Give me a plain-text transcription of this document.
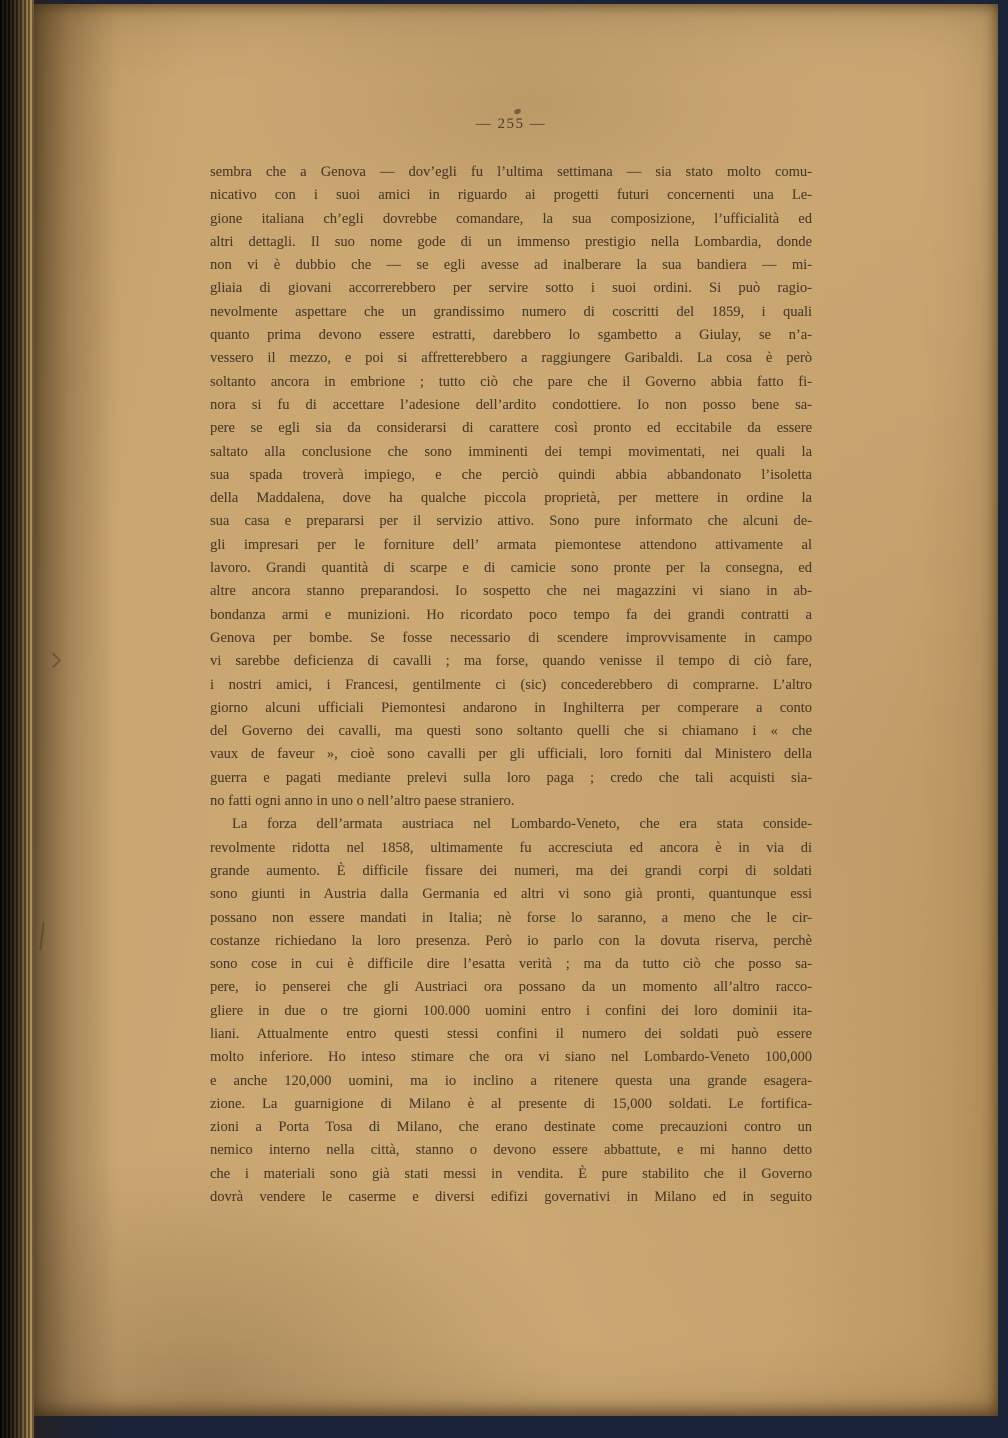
— 255 —
sembra che a Genova — dov’egli fu l’ultima settimana — sia stato molto comu-
nicativo con i suoi amici in riguardo ai progetti futuri concernenti una Le-
gione italiana ch’egli dovrebbe comandare, la sua composizione, l’ufficialità ed
altri dettagli. Il suo nome gode di un immenso prestigio nella Lombardia, donde
non vi è dubbio che — se egli avesse ad inalberare la sua bandiera — mi-
gliaia di giovani accorrerebbero per servire sotto i suoi ordini. Si può ragio-
nevolmente aspettare che un grandissimo numero di coscritti del 1859, i quali
quanto prima devono essere estratti, darebbero lo sgambetto a Giulay, se n’a-
vessero il mezzo, e poi si affretterebbero a raggiungere Garibaldi. La cosa è però
soltanto ancora in embrione ; tutto ciò che pare che il Governo abbia fatto fi-
nora si fu di accettare l’adesione dell’ardito condottiere. Io non posso bene sa-
pere se egli sia da considerarsi di carattere così pronto ed eccitabile da essere
saltato alla conclusione che sono imminenti dei tempi movimentati, nei quali la
sua spada troverà impiego, e che perciò quindi abbia abbandonato l’isoletta
della Maddalena, dove ha qualche piccola proprietà, per mettere in ordine la
sua casa e prepararsi per il servizio attivo. Sono pure informato che alcuni de-
gli impresari per le forniture dell’ armata piemontese attendono attivamente al
lavoro. Grandi quantità di scarpe e di camicie sono pronte per la consegna, ed
altre ancora stanno preparandosi. Io sospetto che nei magazzini vi siano in ab-
bondanza armi e munizioni. Ho ricordato poco tempo fa dei grandi contratti a
Genova per bombe. Se fosse necessario di scendere improvvisamente in campo
vi sarebbe deficienza di cavalli ; ma forse, quando venisse il tempo di ciò fare,
i nostri amici, i Francesi, gentilmente ci (sic) concederebbero di comprarne. L’altro
giorno alcuni ufficiali Piemontesi andarono in Inghilterra per comperare a conto
del Governo dei cavalli, ma questi sono soltanto quelli che si chiamano i « che
vaux de faveur », cioè sono cavalli per gli ufficiali, loro forniti dal Ministero della
guerra e pagati mediante prelevi sulla loro paga ; credo che tali acquisti sia-
no fatti ogni anno in uno o nell’altro paese straniero.
La forza dell’armata austriaca nel Lombardo-Veneto, che era stata conside-
revolmente ridotta nel 1858, ultimamente fu accresciuta ed ancora è in via di
grande aumento. È difficile fissare dei numeri, ma dei grandi corpi di soldati
sono giunti in Austria dalla Germania ed altri vi sono già pronti, quantunque essi
possano non essere mandati in Italia; nè forse lo saranno, a meno che le cir-
costanze richiedano la loro presenza. Però io parlo con la dovuta riserva, perchè
sono cose in cui è difficile dire l’esatta verità ; ma da tutto ciò che posso sa-
pere, io penserei che gli Austriaci ora possano da un momento all’altro racco-
gliere in due o tre giorni 100.000 uomini entro i confini dei loro dominii ita-
liani. Attualmente entro questi stessi confini il numero dei soldati può essere
molto inferiore. Ho inteso stimare che ora vi siano nel Lombardo-Veneto 100,000
e anche 120,000 uomini, ma io inclino a ritenere questa una grande esagera-
zione. La guarnigione di Milano è al presente di 15,000 soldati. Le fortifica-
zioni a Porta Tosa di Milano, che erano destinate come precauzioni contro un
nemico interno nella città, stanno o devono essere abbattute, e mi hanno detto
che i materiali sono già stati messi in vendita. È pure stabilito che il Governo
dovrà vendere le caserme e diversi edifizi governativi in Milano ed in seguito
